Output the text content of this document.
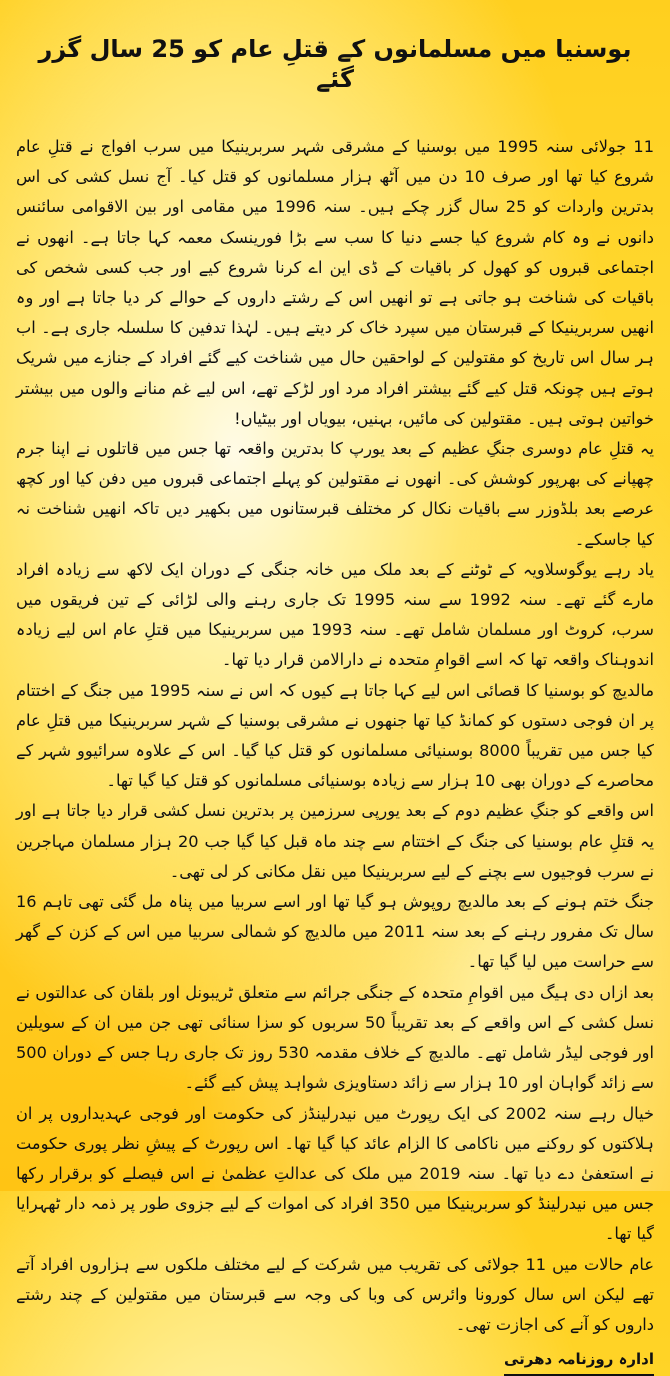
بوسنیا میں مسلمانوں کے قتلِ عام کو 25 سال گزر گئے

11 جولائی سنہ 1995 میں بوسنیا کے مشرقی شہر سربرینیکا میں سرب افواج نے قتلِ عام شروع کیا تھا اور صرف 10 دن میں آٹھ ہزار مسلمانوں کو قتل کیا۔ آج نسل کشی کی اس بدترین واردات کو 25 سال گزر چکے ہیں۔ سنہ 1996 میں مقامی اور بین الاقوامی سائنس دانوں نے وہ کام شروع کیا جسے دنیا کا سب سے بڑا فورینسک معمہ کہا جاتا ہے۔ انھوں نے اجتماعی قبروں کو کھول کر باقیات کے ڈی این اے کرنا شروع کیے اور جب کسی شخص کی باقیات کی شناخت ہو جاتی ہے تو انھیں اس کے رشتے داروں کے حوالے کر دیا جاتا ہے اور وہ انھیں سربرینیکا کے قبرستان میں سپرد خاک کر دیتے ہیں۔ لہٰذا تدفین کا سلسلہ جاری ہے۔ اب ہر سال اس تاریخ کو مقتولین کے لواحقین حال میں شناخت کیے گئے افراد کے جنازے میں شریک ہوتے ہیں چونکہ قتل کیے گئے بیشتر افراد مرد اور لڑکے تھے، اس لیے غم منانے والوں میں بیشتر خواتین ہوتی ہیں۔ مقتولین کی مائیں، بہنیں، بیویاں اور بیٹیاں!

یہ قتلِ عام دوسری جنگِ عظیم کے بعد یورپ کا بدترین واقعہ تھا جس میں قاتلوں نے اپنا جرم چھپانے کی بھرپور کوشش کی۔ انھوں نے مقتولین کو پہلے اجتماعی قبروں میں دفن کیا اور کچھ عرصے بعد بلڈوزر سے باقیات نکال کر مختلف قبرستانوں میں بکھیر دیں تاکہ انھیں شناخت نہ کیا جاسکے۔

یاد رہے یوگوسلاویہ کے ٹوٹنے کے بعد ملک میں خانہ جنگی کے دوران ایک لاکھ سے زیادہ افراد مارے گئے تھے۔ سنہ 1992 سے سنہ 1995 تک جاری رہنے والی لڑائی کے تین فریقوں میں سرب، کروٹ اور مسلمان شامل تھے۔ سنہ 1993 میں سربرینیکا میں قتلِ عام اس لیے زیادہ اندوہناک واقعہ تھا کہ اسے اقوامِ متحدہ نے دارالامن قرار دیا تھا۔

مالدیچ کو بوسنیا کا قصائی اس لیے کہا جاتا ہے کیوں کہ اس نے سنہ 1995 میں جنگ کے اختتام پر ان فوجی دستوں کو کمانڈ کیا تھا جنھوں نے مشرقی بوسنیا کے شہر سربرینیکا میں قتلِ عام کیا جس میں تقریباً 8000 بوسنیائی مسلمانوں کو قتل کیا گیا۔ اس کے علاوہ سرائیوو شہر کے محاصرے کے دوران بھی 10 ہزار سے زیادہ بوسنیائی مسلمانوں کو قتل کیا گیا تھا۔

اس واقعے کو جنگِ عظیم دوم کے بعد یورپی سرزمین پر بدترین نسل کشی قرار دیا جاتا ہے اور یہ قتلِ عام بوسنیا کی جنگ کے اختتام سے چند ماہ قبل کیا گیا جب 20 ہزار مسلمان مہاجرین نے سرب فوجیوں سے بچنے کے لیے سربرینیکا میں نقل مکانی کر لی تھی۔

جنگ ختم ہونے کے بعد مالدیچ روپوش ہو گیا تھا اور اسے سربیا میں پناہ مل گئی تھی تاہم 16 سال تک مفرور رہنے کے بعد سنہ 2011 میں مالدیچ کو شمالی سربیا میں اس کے کزن کے گھر سے حراست میں لیا گیا تھا۔

بعد ازاں دی ہیگ میں اقوامِ متحدہ کے جنگی جرائم سے متعلق ٹریبونل اور بلقان کی عدالتوں نے نسل کشی کے اس واقعے کے بعد تقریباً 50 سربوں کو سزا سنائی تھی جن میں ان کے سویلین اور فوجی لیڈر شامل تھے۔ مالدیچ کے خلاف مقدمہ 530 روز تک جاری رہا جس کے دوران 500 سے زائد گواہان اور 10 ہزار سے زائد دستاویزی شواہد پیش کیے گئے۔

خیال رہے سنہ 2002 کی ایک رپورٹ میں نیدرلینڈز کی حکومت اور فوجی عہدیداروں پر ان ہلاکتوں کو روکنے میں ناکامی کا الزام عائد کیا گیا تھا۔ اس رپورٹ کے پیشِ نظر پوری حکومت نے استعفیٰ دے دیا تھا۔ سنہ 2019 میں ملک کی عدالتِ عظمیٰ نے اس فیصلے کو برقرار رکھا جس میں نیدرلینڈ کو سربرینیکا میں 350 افراد کی اموات کے لیے جزوی طور پر ذمہ دار ٹھہرایا گیا تھا۔

عام حالات میں 11 جولائی کی تقریب میں شرکت کے لیے مختلف ملکوں سے ہزاروں افراد آتے تھے لیکن اس سال کورونا وائرس کی وبا کی وجہ سے قبرستان میں مقتولین کے چند رشتے داروں کو آنے کی اجازت تھی۔

ادارہ روزنامہ دھرتی
